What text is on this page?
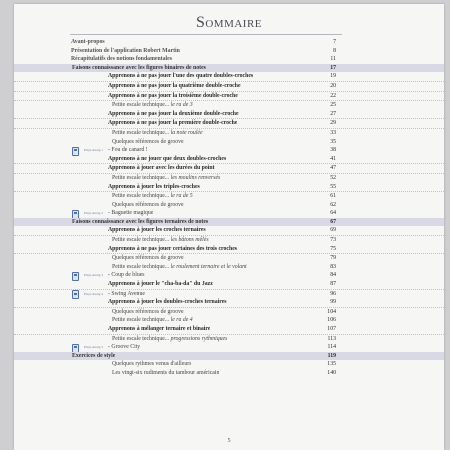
Sommaire
Avant-propos	7
Présentation de l'application Robert Martin	8
Récapitulatifs des notions fondamentales	11
Faisons connaissance avec les figures binaires de notes	17
Apprenons à ne pas jouer l'une des quatre doubles-croches	19
Apprenons à ne pas jouer la quatrième double-croche	20
Apprenons à ne pas jouer la troisième double-croche	22
Petite escale technique... le ra de 3	25
Apprenons à ne pas jouer la deuxième double-croche	27
Apprenons à ne pas jouer la première double-croche	29
Petite escale technique... la note roulée	33
Quelques références de groove	35
Plays Along 1 - Fou de canard !	38
Apprenons à ne jouer que deux doubles-croches	41
Apprenons à jouer avec les durées du point	47
Petite escale technique... les moulins renversés	52
Apprenons à jouer les triples-croches	55
Petite escale technique... le ra de 5	61
Quelques références de groove	62
Plays Along 2 - Baguette magique	64
Faisons connaissance avec les figures ternaires de notes	67
Apprenons à jouer les croches ternaires	69
Petite escale technique... les bâtons mêlés	73
Apprenons à ne pas jouer certaines des trois croches	75
Quelques références de groove	79
Petite escale technique... le roulement ternaire et le volant	83
Plays Along 3 - Coup de blues	84
Apprenons à jouer le "cha-ba-da" du Jazz	87
Plays Along 4 - Swing Avenue	96
Apprenons à jouer les doubles-croches ternaires	99
Quelques références de groove	104
Petite escale technique... le ra de 4	106
Apprenons à mélanger ternaire et binaire	107
Petite escale technique... progressions rythmiques	113
Plays Along 5 - Groove City	114
Exercices de style	119
Quelques rythmes venus d'ailleurs	135
Les vingt-six rudiments du tambour américain	140
5
